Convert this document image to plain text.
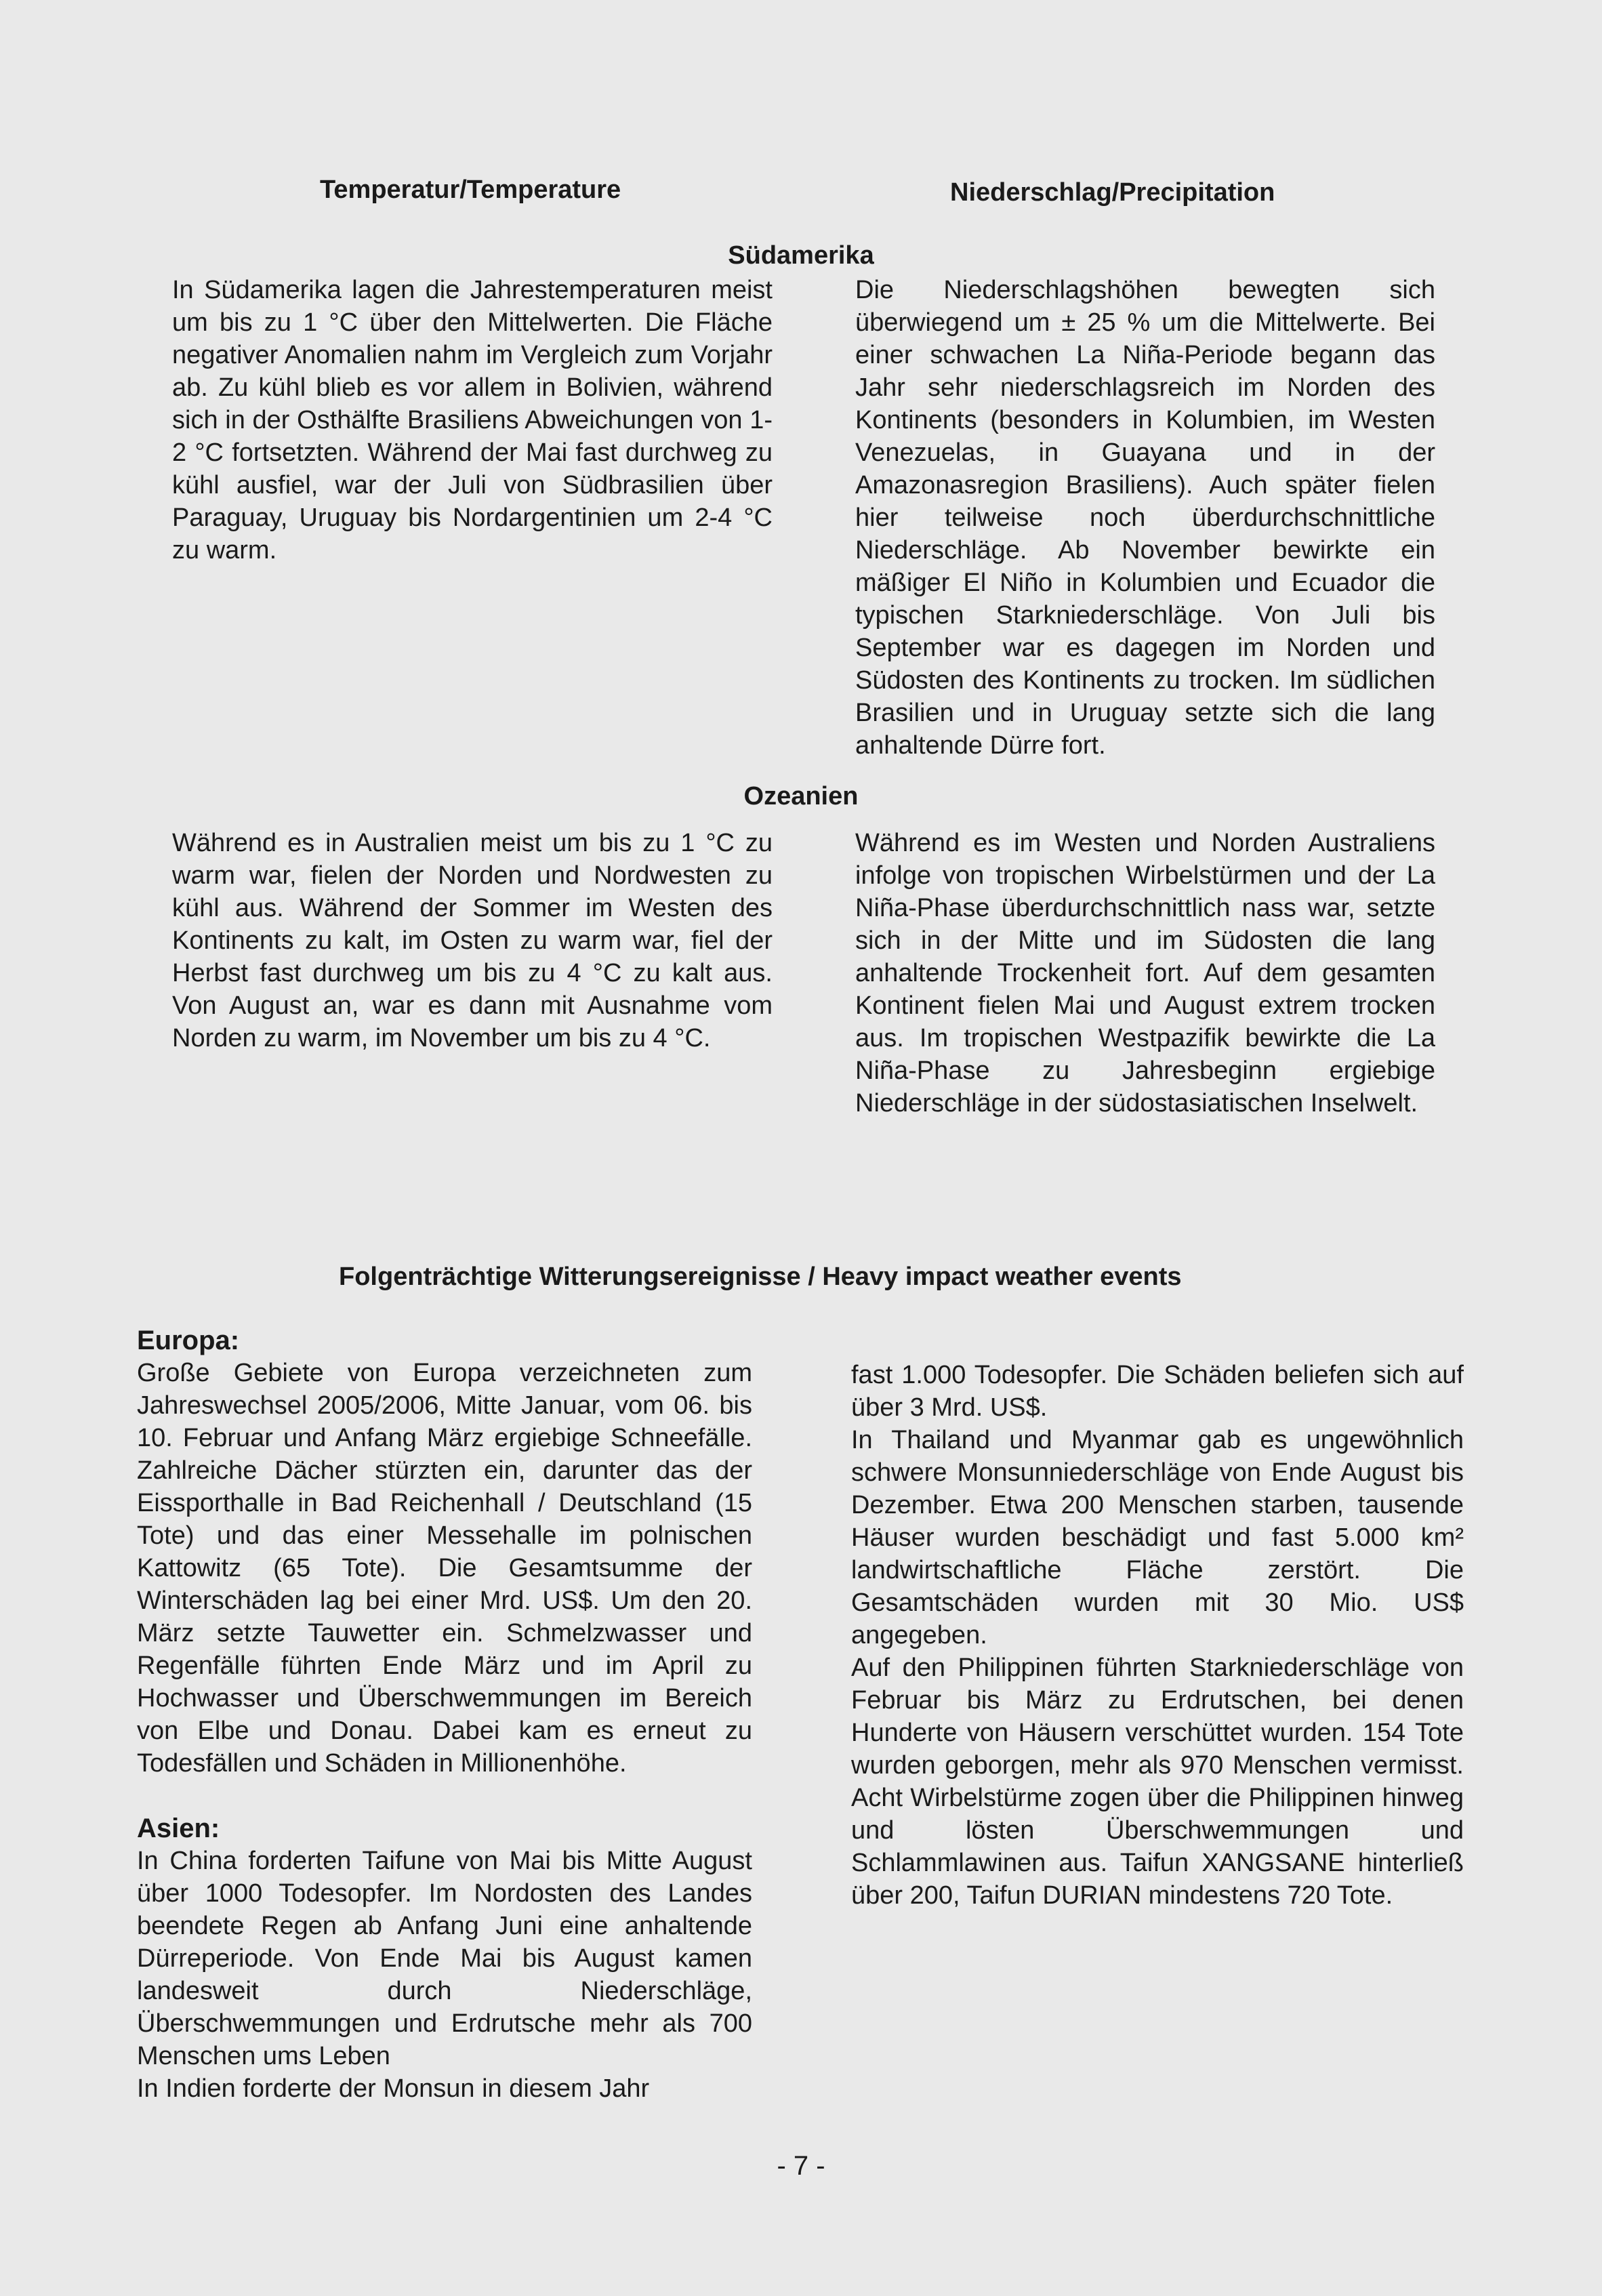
Temperatur/Temperature	Niederschlag/Precipitation
Südamerika

In Südamerika lagen die Jahrestemperaturen meist um bis zu 1 °C über den Mittelwerten. Die Fläche negativer Anomalien nahm im Vergleich zum Vorjahr ab. Zu kühl blieb es vor allem in Bolivien, während sich in der Osthälfte Brasiliens Abweichungen von 1-2 °C fortsetzten. Während der Mai fast durchweg zu kühl ausfiel, war der Juli von Südbrasilien über Paraguay, Uruguay bis Nordargentinien um 2-4 °C zu warm.

Die Niederschlagshöhen bewegten sich überwiegend um ± 25 % um die Mittelwerte. Bei einer schwachen La Niña-Periode begann das Jahr sehr niederschlagsreich im Norden des Kontinents (besonders in Kolumbien, im Westen Venezuelas, in Guayana und in der Amazonasregion Brasiliens). Auch später fielen hier teilweise noch überdurchschnittliche Niederschläge. Ab November bewirkte ein mäßiger El Niño in Kolumbien und Ecuador die typischen Starkniederschläge. Von Juli bis September war es dagegen im Norden und Südosten des Kontinents zu trocken. Im südlichen Brasilien und in Uruguay setzte sich die lang anhaltende Dürre fort.

Ozeanien

Während es in Australien meist um bis zu 1 °C zu warm war, fielen der Norden und Nordwesten zu kühl aus. Während der Sommer im Westen des Kontinents zu kalt, im Osten zu warm war, fiel der Herbst fast durchweg um bis zu 4 °C zu kalt aus. Von August an, war es dann mit Ausnahme vom Norden zu warm, im November um bis zu 4 °C.

Während es im Westen und Norden Australiens infolge von tropischen Wirbelstürmen und der La Niña-Phase überdurchschnittlich nass war, setzte sich in der Mitte und im Südosten die lang anhaltende Trockenheit fort. Auf dem gesamten Kontinent fielen Mai und August extrem trocken aus. Im tropischen Westpazifik bewirkte die La Niña-Phase zu Jahresbeginn ergiebige Niederschläge in der südostasiatischen Inselwelt.

Folgenträchtige Witterungsereignisse / Heavy impact weather events

Europa:

Große Gebiete von Europa verzeichneten zum Jahreswechsel 2005/2006, Mitte Januar, vom 06. bis 10. Februar und Anfang März ergiebige Schneefälle. Zahlreiche Dächer stürzten ein, darunter das der Eissporthalle in Bad Reichenhall / Deutschland (15 Tote) und das einer Messehalle im polnischen Kattowitz (65 Tote). Die Gesamtsumme der Winterschäden lag bei einer Mrd. US$. Um den 20. März setzte Tauwetter ein. Schmelzwasser und Regenfälle führten Ende März und im April zu Hochwasser und Überschwemmungen im Bereich von Elbe und Donau. Dabei kam es erneut zu Todesfällen und Schäden in Millionenhöhe.

Asien:

In China forderten Taifune von Mai bis Mitte August über 1000 Todesopfer. Im Nordosten des Landes beendete Regen ab Anfang Juni eine anhaltende Dürreperiode. Von Ende Mai bis August kamen landesweit durch Niederschläge, Überschwemmungen und Erdrutsche mehr als 700 Menschen ums Leben

In Indien forderte der Monsun in diesem Jahr

fast 1.000 Todesopfer. Die Schäden beliefen sich auf über 3 Mrd. US$.

In Thailand und Myanmar gab es ungewöhnlich schwere Monsunniederschläge von Ende August bis Dezember. Etwa 200 Menschen starben, tausende Häuser wurden beschädigt und fast 5.000 km² landwirtschaftliche Fläche zerstört. Die Gesamtschäden wurden mit 30 Mio. US$ angegeben.

Auf den Philippinen führten Starkniederschläge von Februar bis März zu Erdrutschen, bei denen Hunderte von Häusern verschüttet wurden. 154 Tote wurden geborgen, mehr als 970 Menschen vermisst. Acht Wirbelstürme zogen über die Philippinen hinweg und lösten Überschwemmungen und Schlammlawinen aus. Taifun XANGSANE hinterließ über 200, Taifun DURIAN mindestens 720 Tote.

- 7 -
